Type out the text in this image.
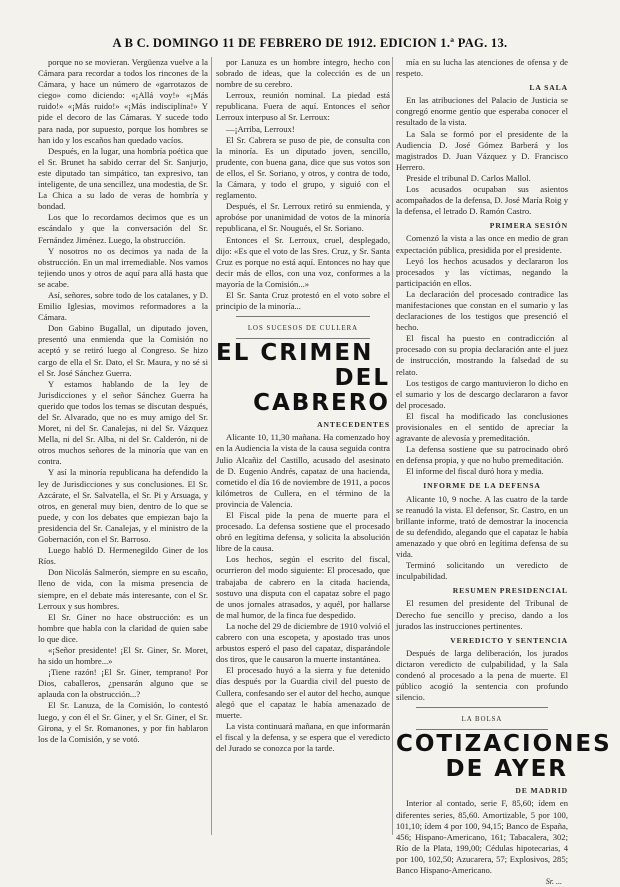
A B C. DOMINGO 11 DE FEBRERO DE 1912. EDICION 1.ª PAG. 13.

porque no se movieran. Vergüenza vuelve a la Cámara para recordar a todos los rincones de la Cámara, y hace un número de «garrotazos de ciego» como diciendo: «¡Allá voy!» «¡Más ruido!» «¡Más ruido!» «¡Más indisciplina!» Y pide el decoro de las Cámaras. Y sucede todo para nada, por supuesto, porque los hombres se han ido y los escaños han quedado vacíos.

Después, en la lugar, una hombría poética que el Sr. Brunet ha sabido cerrar del Sr. Sanjurjo, este diputado tan simpático, tan expresivo, tan inteligente, de una sencillez, una modestia, de Sr. La Chica a su lado de veras de hombría y bondad.

Los que lo recordamos decimos que es un escándalo y que la conversación del Sr. Fernández Jiménez. Luego, la obstrucción.

Y nosotros no os decimos ya nada de la obstrucción. En un mal irremediable. Nos vamos tejiendo unos y otros de aquí para allá hasta que se acabe.

Así, señores, sobre todo de los catalanes, y D. Emilio Iglesias, movimos reformadores a la Cámara.

Don Gabino Bugallal, un diputado joven, presentó una enmienda que la Comisión no aceptó y se retiró luego al Congreso. Se hizo cargo de ella el Sr. Dato, el Sr. Maura, y no sé si el Sr. José Sánchez Guerra.

Y estamos hablando de la ley de Jurisdicciones y el señor Sánchez Guerra ha querido que todos los temas se discutan después, del Sr. Alvarado, que no es muy amigo del Sr. Moret, ni del Sr. Canalejas, ni del Sr. Vázquez Mella, ni del Sr. Alba, ni del Sr. Calderón, ni de otros muchos señores de la minoría que van en contra.

Y así la minoría republicana ha defendido la ley de Jurisdicciones y sus conclusiones. El Sr. Azcárate, el Sr. Salvatella, el Sr. Pi y Arsuaga, y otros, en general muy bien, dentro de lo que se puede, y con los debates que empiezan bajo la presidencia del Sr. Canalejas, y el ministro de la Gobernación, con el Sr. Barroso.

Luego habló D. Hermenegildo Giner de los Ríos.

Don Nicolás Salmerón, siempre en su escaño, lleno de vida, con la misma presencia de siempre, en el debate más interesante, con el Sr. Lerroux y sus hombres.

El Sr. Giner no hace obstrucción: es un hombre que habla con la claridad de quien sabe lo que dice.

«¡Señor presidente! ¡El Sr. Giner, Sr. Moret, ha sido un hombre...»

¡Tiene razón! ¡El Sr. Giner, temprano! Por Dios, caballeros, ¿pensarán alguno que se aplauda con la obstrucción...?

El Sr. Lanuza, de la Comisión, lo contestó luego, y con él el Sr. Giner, y el Sr. Giner, el Sr. Girona, y el Sr. Romanones, y por fin hablaron los de la Comisión, y se votó.

por Lanuza es un hombre íntegro, hecho con sobrado de ideas, que la colección es de un nombre de su cerebro.

Lerroux, reunión nominal. La piedad está republicana. Fuera de aquí. Entonces el señor Lerroux interpuso al Sr. Lerroux:

—¡Arriba, Lerroux!

El Sr. Cabrera se puso de pie, de consulta con la minoría. Es un diputado joven, sencillo, prudente, con buena gana, dice que sus votos son de ellos, el Sr. Soriano, y otros, y contra de todo, la Cámara, y todo el grupo, y siguió con el reglamento.

Después, el Sr. Lerroux retiró su enmienda, y aprobóse por unanimidad de votos de la minoría republicana, el Sr. Nougués, el Sr. Soriano.

Entonces el Sr. Lerroux, cruel, desplegado, dijo: «Es que el voto de las Sres. Cruz, y Sr. Santa Cruz es porque no está aquí. Entonces no hay que decir más de ellos, con una voz, conformes a la mayoría de la Comisión...»

El Sr. Santa Cruz protestó en el voto sobre el principio de la minoría...

LOS SUCESOS DE CULLERA

EL CRIMEN

DEL CABRERO

ANTECEDENTES

Alicante 10, 11,30 mañana. Ha comenzado hoy en la Audiencia la vista de la causa seguida contra Julio Alcañiz del Castillo, acusado del asesinato de D. Eugenio Andrés, capataz de una hacienda, cometido el día 16 de noviembre de 1911, a pocos kilómetros de Cullera, en el término de la provincia de Valencia.

El Fiscal pide la pena de muerte para el procesado. La defensa sostiene que el procesado obró en legítima defensa, y solicita la absolución libre de la causa.

Los hechos, según el escrito del fiscal, ocurrieron del modo siguiente: El procesado, que trabajaba de cabrero en la citada hacienda, sostuvo una disputa con el capataz sobre el pago de unos jornales atrasados, y aquél, por hallarse de mal humor, de la finca fue despedido.

La noche del 29 de diciembre de 1910 volvió el cabrero con una escopeta, y apostado tras unos arbustos esperó el paso del capataz, disparándole dos tiros, que le causaron la muerte instantánea.

El procesado huyó a la sierra y fue detenido días después por la Guardia civil del puesto de Cullera, confesando ser el autor del hecho, aunque alegó que el capataz le había amenazado de muerte.

La vista continuará mañana, en que informarán el fiscal y la defensa, y se espera que el veredicto del Jurado se conozca por la tarde.

mía en su lucha las atenciones de ofensa y de respeto.

LA SALA

En las atribuciones del Palacio de Justicia se congregó enorme gentío que esperaba conocer el resultado de la vista.

La Sala se formó por el presidente de la Audiencia D. José Gómez Barberá y los magistrados D. Juan Vázquez y D. Francisco Herrero.

Preside el tribunal D. Carlos Mallol.

Los acusados ocupaban sus asientos acompañados de la defensa, D. José María Roig y la defensa, el letrado D. Ramón Castro.

PRIMERA SESIÓN

Comenzó la vista a las once en medio de gran expectación pública, presidida por el presidente.

Leyó los hechos acusados y declararon los procesados y las víctimas, negando la participación en ellos.

La declaración del procesado contradice las manifestaciones que constan en el sumario y las declaraciones de los testigos que presenció el hecho.

El fiscal ha puesto en contradicción al procesado con su propia declaración ante el juez de instrucción, mostrando la falsedad de su relato.

Los testigos de cargo mantuvieron lo dicho en el sumario y los de descargo declararon a favor del procesado.

El fiscal ha modificado las conclusiones provisionales en el sentido de apreciar la agravante de alevosía y premeditación.

La defensa sostiene que su patrocinado obró en defensa propia, y que no hubo premeditación.

El informe del fiscal duró hora y media.

INFORME DE LA DEFENSA

Alicante 10, 9 noche. A las cuatro de la tarde se reanudó la vista. El defensor, Sr. Castro, en un brillante informe, trató de demostrar la inocencia de su defendido, alegando que el capataz le había amenazado y que obró en legítima defensa de su vida.

Terminó solicitando un veredicto de inculpabilidad.

RESUMEN PRESIDENCIAL

El resumen del presidente del Tribunal de Derecho fue sencillo y preciso, dando a los jurados las instrucciones pertinentes.

VEREDICTO Y SENTENCIA

Después de larga deliberación, los jurados dictaron veredicto de culpabilidad, y la Sala condenó al procesado a la pena de muerte. El público acogió la sentencia con profundo silencio.

LA BOLSA

COTIZACIONES

DE AYER

DE MADRID

Interior al contado, serie F, 85,60; ídem en diferentes series, 85,60. Amortizable, 5 por 100, 101,10; ídem 4 por 100, 94,15; Banco de España, 456; Hispano-Americano, 161; Tabacalera, 302; Río de la Plata, 199,00; Cédulas hipotecarias, 4 por 100, 102,50; Azucarera, 57; Explosivos, 285; Banco Hispano-Americano.

Sr. ...
